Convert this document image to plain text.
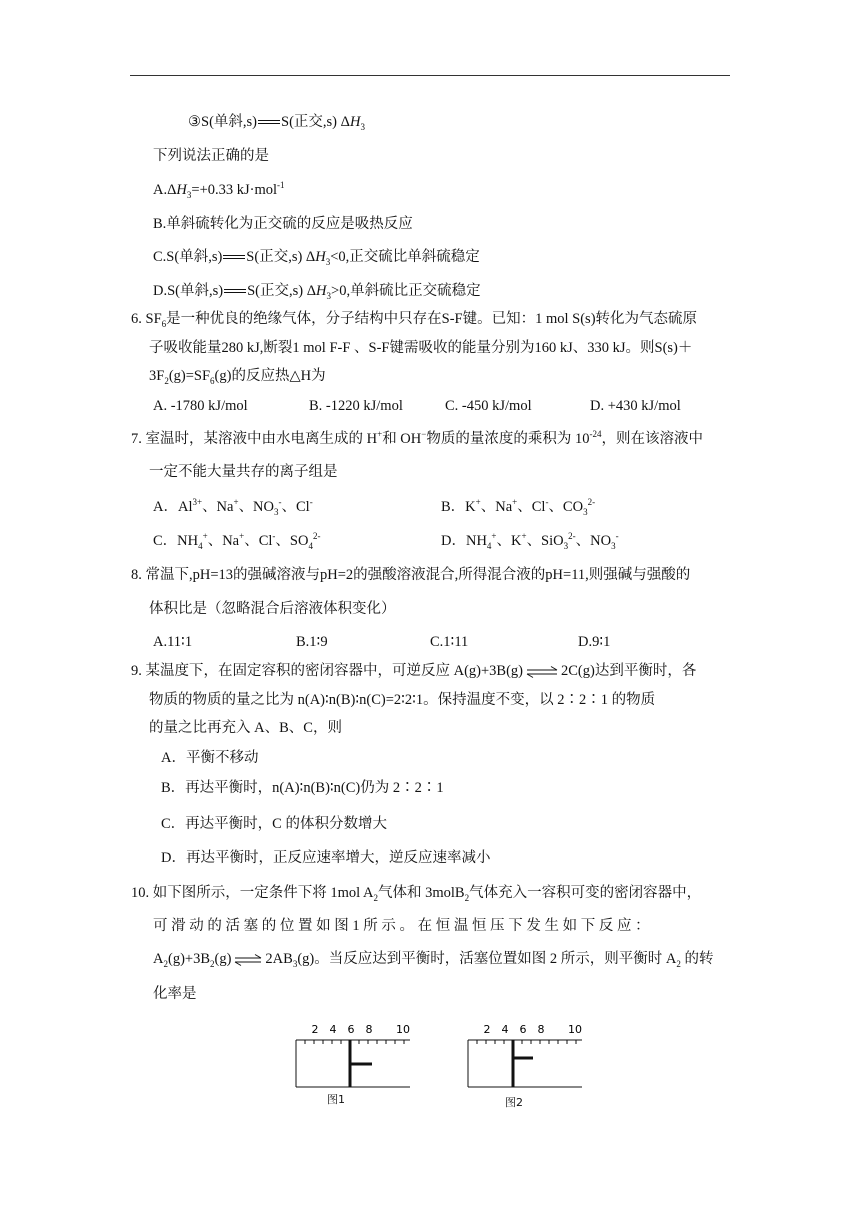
③S(单斜,s) S(正交,s) $\Delta H_3$
下列说法正确的是
$A.\Delta H_3=+0.33$ kJ·mol$^{-1}$
B.单斜硫转化为正交硫的反应是吸热反应
C.S(单斜,s) S(正交,s) $\Delta H_3<0$,正交硫比单斜硫稳定
D.S(单斜,s) S(正交,s) $\Delta H_3>0$,单斜硫比正交硫稳定
6. $SF_6$是一种优良的绝缘气体，分子结构中只存在S-F键。已知：1 mol S(s)转化为气态硫原
子吸收能量280 kJ,断裂1 mol F-F 、S-F键需吸收的能量分别为160 kJ、330 kJ。则S(s)＋
$3F_2(g)=SF_6(g)$的反应热△H为
A. -1780 kJ/mol	B. -1220 kJ/mol	C. -450 kJ/mol	D. +430 kJ/mol
7. 室温时，某溶液中由水电离生成的 H+和 OH−物质的量浓度的乘积为 $10^{-24}$，则在该溶液中
一定不能大量共存的离子组是
A．$Al^{3+}$、Na+、$NO_3^-$、Cl-	B．K+、Na+、Cl-、$CO_3^{2-}$
C．$NH_4^+$、Na+、Cl-、$SO_4^{2-}$	D．$NH_4^+$、K+、SiO$_3^{2-}$、$NO_3^-$
8. 常温下,pH=13的强碱溶液与pH=2的强酸溶液混合,所得混合液的pH=11,则强碱与强酸的
体积比是（忽略混合后溶液体积变化）
A.11∶1	B.1∶9	C.1∶11	D.9∶1
9. 某温度下，在固定容积的密闭容器中，可逆反应 A(g)+3B(g) ⇌ 2C(g)达到平衡时，各
物质的物质的量之比为 n(A)∶n(B)∶n(C)=2∶2∶1。保持温度不变，以 2∶2∶1 的物质
的量之比再充入 A、B、C，则
A．平衡不移动
B．再达平衡时，n(A)∶n(B)∶n(C)仍为 2∶2∶1
C．再达平衡时，C 的体积分数增大
D．再达平衡时，正反应速率增大，逆反应速率减小
10. 如下图所示，一定条件下将 1mol $A_2$气体和 3molB$_2$气体充入一容积可变的密闭容器中，
可 滑 动 的 活 塞 的 位 置 如 图 1 所 示 。 在 恒 温 恒 压 下 发 生 如 下 反 应 ：
$A_2(g)+3B_2(g)$ ⇌ $2AB_3(g)$。当反应达到平衡时，活塞位置如图 2 所示，则平衡时 $A_2$ 的转
化率是
2 4 6 8 10
图1
2 4 6 8 10
图2
